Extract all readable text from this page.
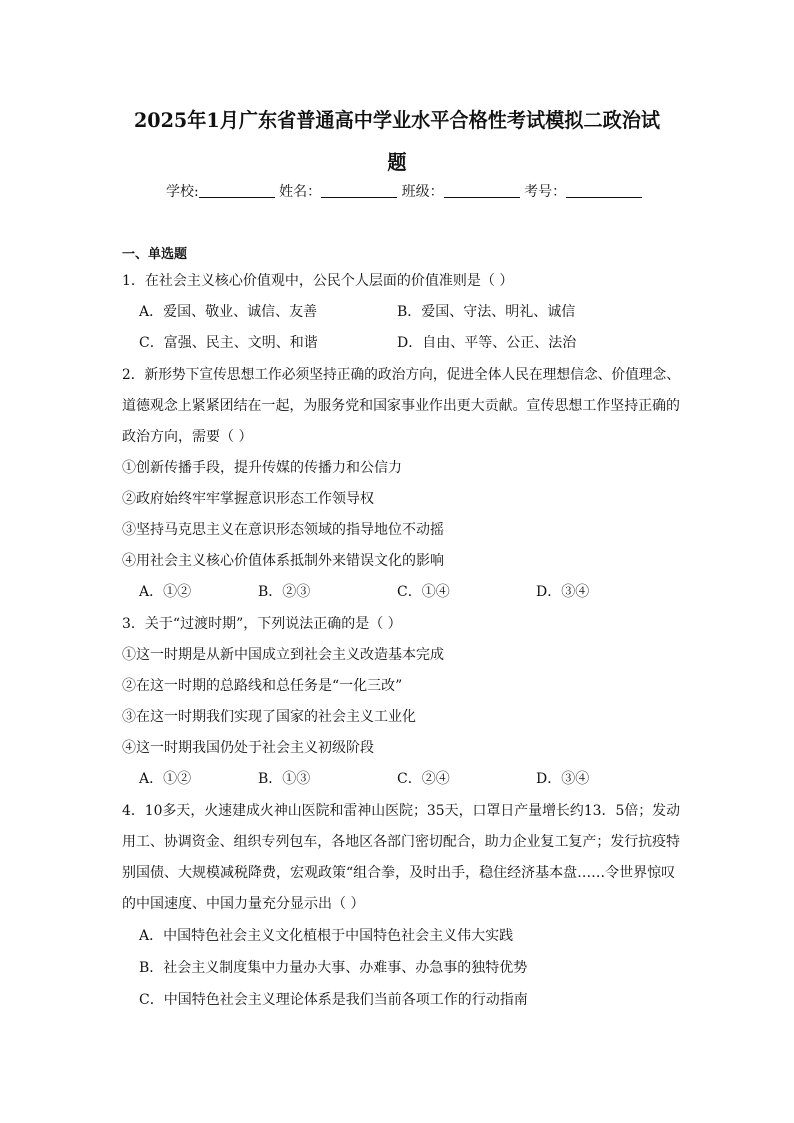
2025年1月广东省普通高中学业水平合格性考试模拟二政治试
题
学校:	姓名：	班级：	考号：
一、单选题
1．在社会主义核心价值观中，公民个人层面的价值准则是（ ）
A．爱国、敬业、诚信、友善	B．爱国、守法、明礼、诚信
C．富强、民主、文明、和谐	D．自由、平等、公正、法治
2．新形势下宣传思想工作必须坚持正确的政治方向，促进全体人民在理想信念、价值理念、
道德观念上紧紧团结在一起，为服务党和国家事业作出更大贡献。宣传思想工作坚持正确的
政治方向，需要（ ）
①创新传播手段，提升传媒的传播力和公信力
②政府始终牢牢掌握意识形态工作领导权
③坚持马克思主义在意识形态领域的指导地位不动摇
④用社会主义核心价值体系抵制外来错误文化的影响
A．①②	B．②③	C．①④	D．③④
3．关于“过渡时期”，下列说法正确的是（ ）
①这一时期是从新中国成立到社会主义改造基本完成
②在这一时期的总路线和总任务是“一化三改”
③在这一时期我们实现了国家的社会主义工业化
④这一时期我国仍处于社会主义初级阶段
A．①②	B．①③	C．②④	D．③④
4．10多天，火速建成火神山医院和雷神山医院；35天，口罩日产量增长约13．5倍；发动
用工、协调资金、组织专列包车，各地区各部门密切配合，助力企业复工复产；发行抗疫特
别国债、大规模减税降费，宏观政策“组合拳，及时出手，稳住经济基本盘……令世界惊叹
的中国速度、中国力量充分显示出（ ）
A．中国特色社会主义文化植根于中国特色社会主义伟大实践
B．社会主义制度集中力量办大事、办难事、办急事的独特优势
C．中国特色社会主义理论体系是我们当前各项工作的行动指南
